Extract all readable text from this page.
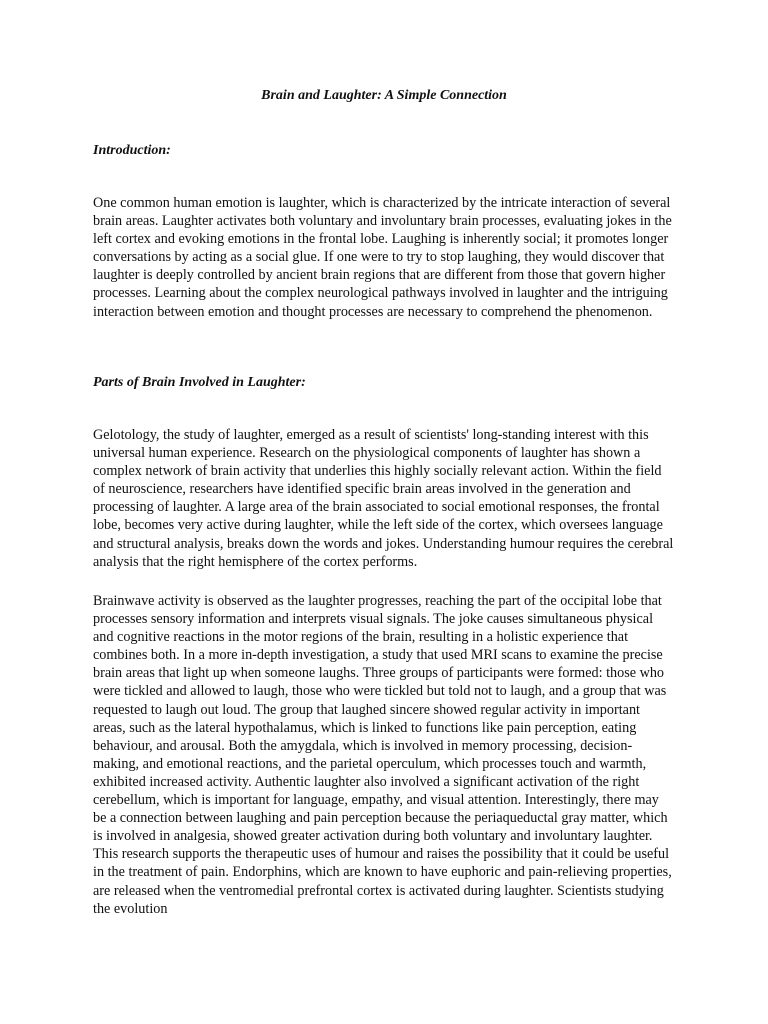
Brain and Laughter: A Simple Connection
Introduction:

One common human emotion is laughter, which is characterized by the intricate interaction of several brain areas. Laughter activates both voluntary and involuntary brain processes, evaluating jokes in the left cortex and evoking emotions in the frontal lobe. Laughing is inherently social; it promotes longer conversations by acting as a social glue. If one were to try to stop laughing, they would discover that laughter is deeply controlled by ancient brain regions that are different from those that govern higher processes. Learning about the complex neurological pathways involved in laughter and the intriguing interaction between emotion and thought processes are necessary to comprehend the phenomenon.

Parts of Brain Involved in Laughter:

Gelotology, the study of laughter, emerged as a result of scientists' long-standing interest with this universal human experience. Research on the physiological components of laughter has shown a complex network of brain activity that underlies this highly socially relevant action. Within the field of neuroscience, researchers have identified specific brain areas involved in the generation and processing of laughter. A large area of the brain associated to social emotional responses, the frontal lobe, becomes very active during laughter, while the left side of the cortex, which oversees language and structural analysis, breaks down the words and jokes. Understanding humour requires the cerebral analysis that the right hemisphere of the cortex performs.

Brainwave activity is observed as the laughter progresses, reaching the part of the occipital lobe that processes sensory information and interprets visual signals. The joke causes simultaneous physical and cognitive reactions in the motor regions of the brain, resulting in a holistic experience that combines both. In a more in-depth investigation, a study that used MRI scans to examine the precise brain areas that light up when someone laughs. Three groups of participants were formed: those who were tickled and allowed to laugh, those who were tickled but told not to laugh, and a group that was requested to laugh out loud. The group that laughed sincere showed regular activity in important areas, such as the lateral hypothalamus, which is linked to functions like pain perception, eating behaviour, and arousal. Both the amygdala, which is involved in memory processing, decision-making, and emotional reactions, and the parietal operculum, which processes touch and warmth, exhibited increased activity. Authentic laughter also involved a significant activation of the right cerebellum, which is important for language, empathy, and visual attention. Interestingly, there may be a connection between laughing and pain perception because the periaqueductal gray matter, which is involved in analgesia, showed greater activation during both voluntary and involuntary laughter. This research supports the therapeutic uses of humour and raises the possibility that it could be useful in the treatment of pain. Endorphins, which are known to have euphoric and pain-relieving properties, are released when the ventromedial prefrontal cortex is activated during laughter. Scientists studying the evolution
